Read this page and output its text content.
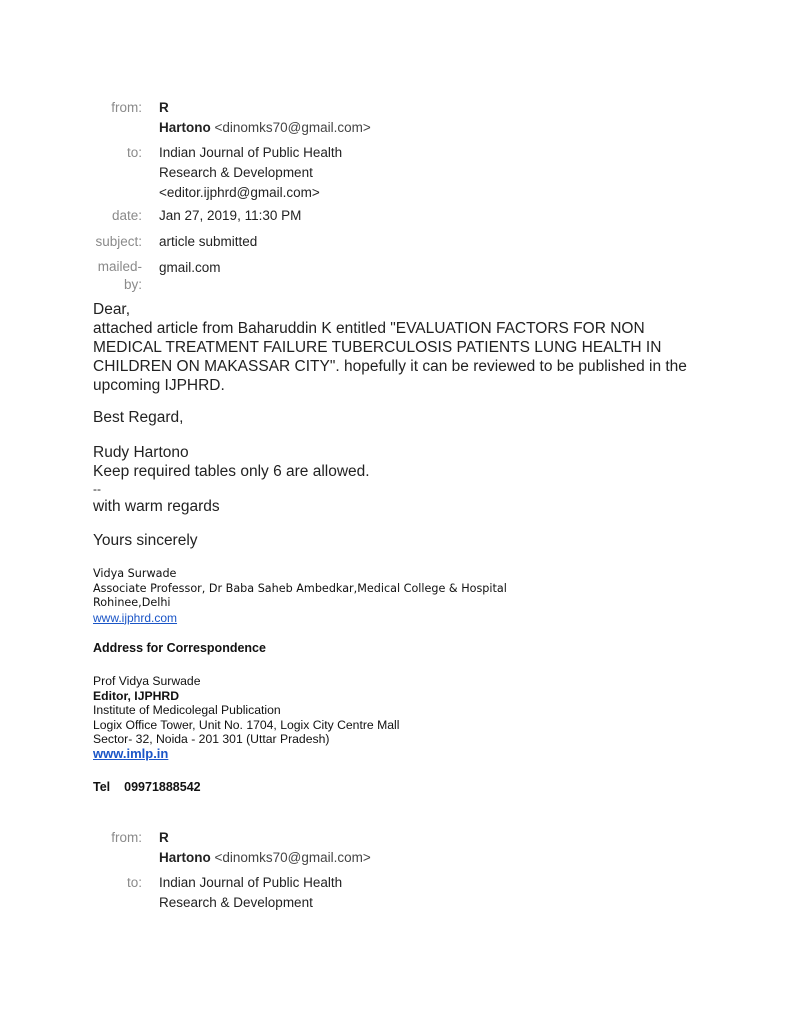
from: R
Hartono <dinomks70@gmail.com>
to: Indian Journal of Public Health
Research & Development
<editor.ijphrd@gmail.com>
date: Jan 27, 2019, 11:30 PM
subject: article submitted
mailed-
by:
gmail.com
Dear,
attached article from Baharuddin K entitled "EVALUATION FACTORS FOR NON
MEDICAL TREATMENT FAILURE TUBERCULOSIS PATIENTS LUNG HEALTH IN
CHILDREN ON MAKASSAR CITY". hopefully it can be reviewed to be published in the
upcoming IJPHRD.
Best Regard,
Rudy Hartono
Keep required tables only 6 are allowed.
--
with warm regards
Yours sincerely
Vidya Surwade
Associate Professor, Dr Baba Saheb Ambedkar,Medical College & Hospital
Rohinee,Delhi
www.ijphrd.com
Address for Correspondence
Prof Vidya Surwade
Editor, IJPHRD
Institute of Medicolegal Publication
Logix Office Tower, Unit No. 1704, Logix City Centre Mall
Sector- 32, Noida - 201 301 (Uttar Pradesh)
www.imlp.in
Tel 09971888542
from: R
Hartono <dinomks70@gmail.com>
to: Indian Journal of Public Health
Research & Development
